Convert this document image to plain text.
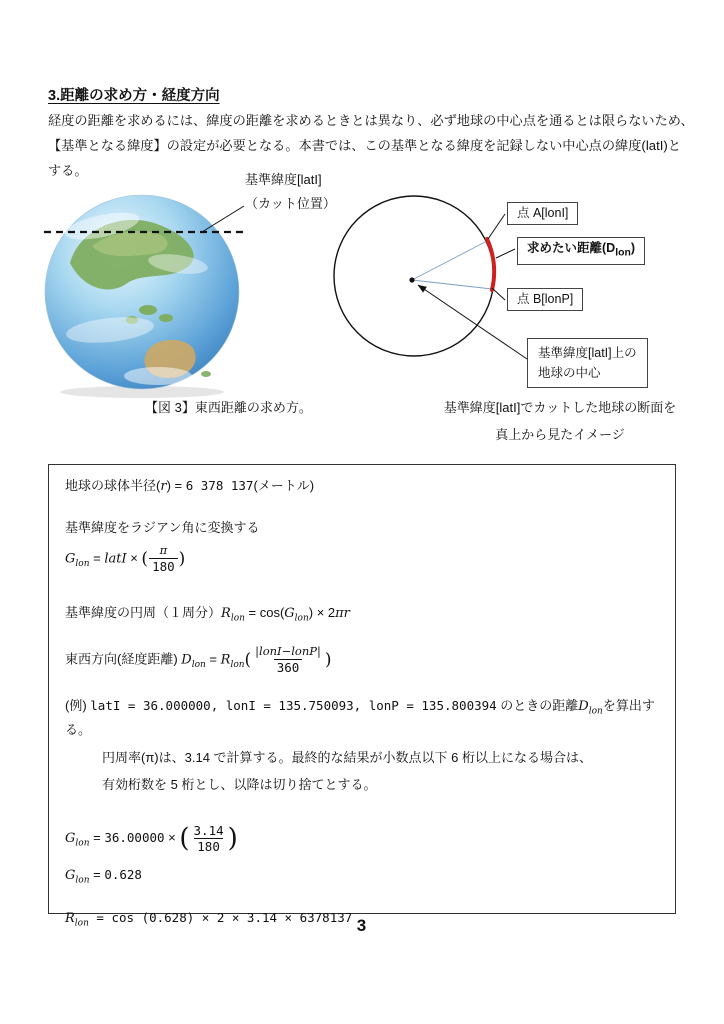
3.距離の求め方・経度方向
経度の距離を求めるには、緯度の距離を求めるときとは異なり、必ず地球の中心点を通るとは限らないため、
【基準となる緯度】の設定が必要となる。本書では、この基準となる緯度を記録しない中心点の緯度(latI)と
する。
基準緯度[latI]
（カット位置）
点 A[lonI]
求めたい距離$(D_{lon})$
点 B[lonP]
基準緯度[latI]上の
地球の中心
【図 3】東西距離の求め方。	基準緯度[latI]でカットした地球の断面を
真上から見たイメージ
地球の球体半径(r) = 6 378 137(メートル)
基準緯度をラジアン角に変換する
$G_{lon}$ = latI × ( $\frac{\pi}{180}$ )
基準緯度の円周（１周分）$R_{lon} = \cos(G_{lon}) \times 2\pi r$
東西方向(経度距離) $D_{lon} = R_{lon}( \frac{\text{|lonI−lonP|}}{360}$ )
(例) latI = 36.000000, lonI = 135.750093, lonP = 135.800394 のときの距離$D_{lon}$を算出する。
円周率(π)は、3.14 で計算する。最終的な結果が小数点以下 6 桁以上になる場合は、
有効桁数を 5 桁とし、以降は切り捨てとする。
$G_{lon} = 36.00000$ × ( $\frac{3.14}{180}$ )
$G_{lon} = 0.628$
$R_{lon} = \cos (0.628) \times 2 \times 3.14 \times 6378137$ 3
